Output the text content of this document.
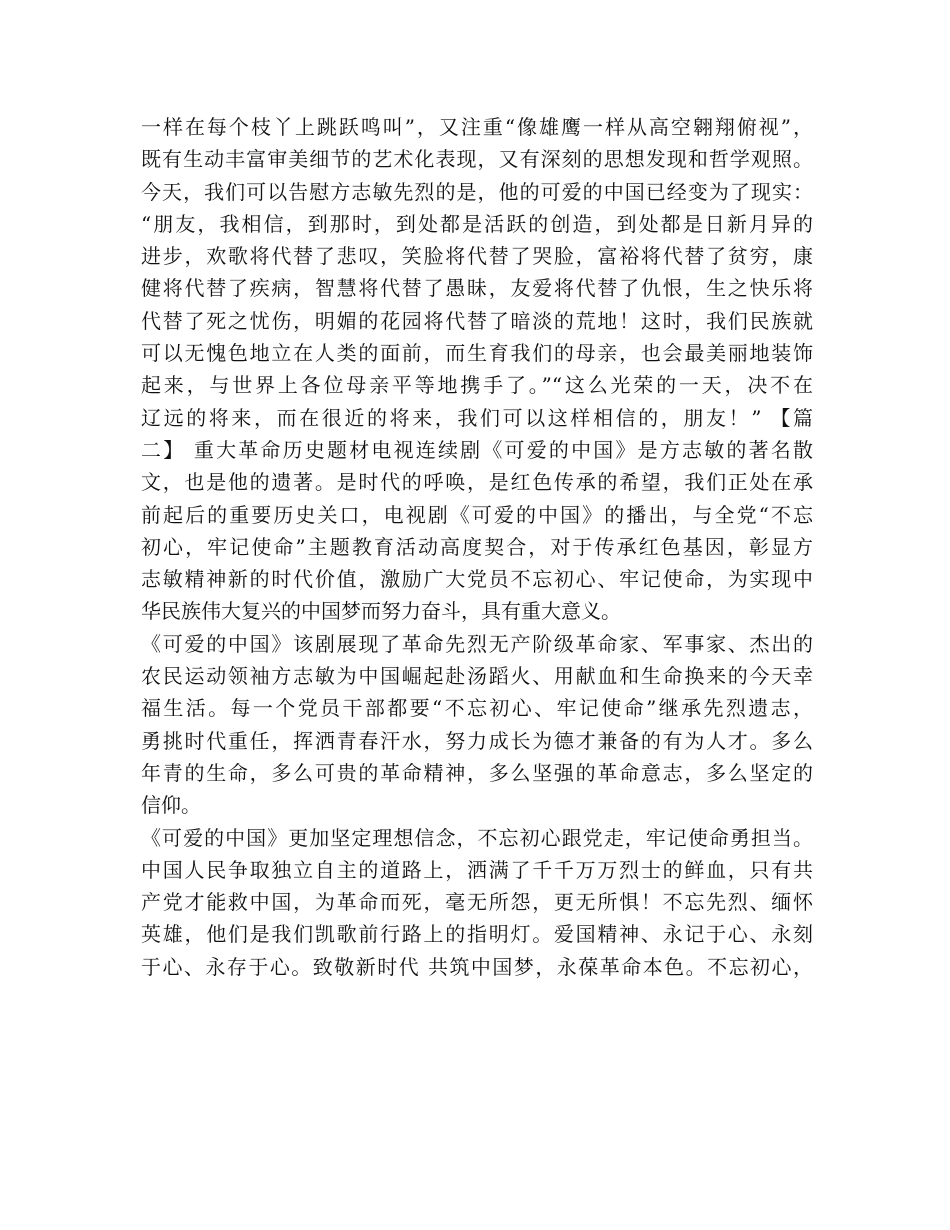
一样在每个枝丫上跳跃鸣叫”，又注重“像雄鹰一样从高空翱翔俯视”，
既有生动丰富审美细节的艺术化表现，又有深刻的思想发现和哲学观照。
今天，我们可以告慰方志敏先烈的是，他的可爱的中国已经变为了现实：
“朋友，我相信，到那时，到处都是活跃的创造，到处都是日新月异的
进步，欢歌将代替了悲叹，笑脸将代替了哭脸，富裕将代替了贫穷，康
健将代替了疾病，智慧将代替了愚昧，友爱将代替了仇恨，生之快乐将
代替了死之忧伤，明媚的花园将代替了暗淡的荒地！这时，我们民族就
可以无愧色地立在人类的面前，而生育我们的母亲，也会最美丽地装饰
起来，与世界上各位母亲平等地携手了。”“这么光荣的一天，决不在
辽远的将来，而在很近的将来，我们可以这样相信的，朋友！” 【篇
二】 重大革命历史题材电视连续剧《可爱的中国》是方志敏的著名散
文，也是他的遗著。是时代的呼唤，是红色传承的希望，我们正处在承
前起后的重要历史关口，电视剧《可爱的中国》的播出，与全党“不忘
初心，牢记使命”主题教育活动高度契合，对于传承红色基因，彰显方
志敏精神新的时代价值，激励广大党员不忘初心、牢记使命，为实现中
华民族伟大复兴的中国梦而努力奋斗，具有重大意义。
《可爱的中国》该剧展现了革命先烈无产阶级革命家、军事家、杰出的
农民运动领袖方志敏为中国崛起赴汤蹈火、用献血和生命换来的今天幸
福生活。每一个党员干部都要“不忘初心、牢记使命”继承先烈遗志，
勇挑时代重任，挥洒青春汗水，努力成长为德才兼备的有为人才。多么
年青的生命，多么可贵的革命精神，多么坚强的革命意志，多么坚定的
信仰。
《可爱的中国》更加坚定理想信念，不忘初心跟党走，牢记使命勇担当。
中国人民争取独立自主的道路上，洒满了千千万万烈士的鲜血，只有共
产党才能救中国，为革命而死，毫无所怨，更无所惧！不忘先烈、缅怀
英雄，他们是我们凯歌前行路上的指明灯。爱国精神、永记于心、永刻
于心、永存于心。致敬新时代 共筑中国梦，永葆革命本色。不忘初心，
